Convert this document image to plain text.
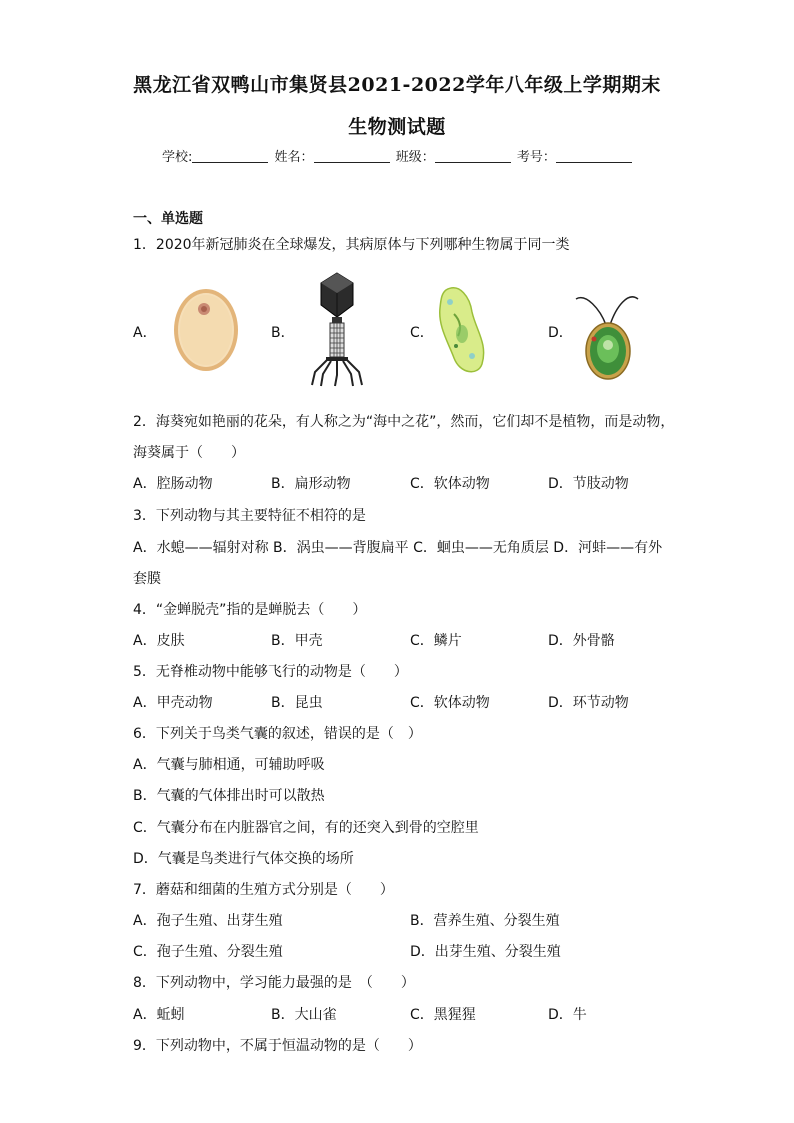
黑龙江省双鸭山市集贤县2021-2022学年八年级上学期期末
生物测试题
学校:	姓名：	班级：	考号：
一、单选题
1．2020年新冠肺炎在全球爆发，其病原体与下列哪种生物属于同一类
A．	B．	C．	D．
2．海葵宛如艳丽的花朵，有人称之为“海中之花”，然而，它们却不是植物，而是动物，
海葵属于（　　）
A．腔肠动物	B．扁形动物	C．软体动物	D．节肢动物
3．下列动物与其主要特征不相符的是
A．水螅——辐射对称 B．涡虫——背腹扁平 C．蛔虫——无角质层 D．河蚌——有外
套膜
4．“金蝉脱壳”指的是蝉脱去（　　）
A．皮肤	B．甲壳	C．鳞片	D．外骨骼
5．无脊椎动物中能够飞行的动物是（　　）
A．甲壳动物	B．昆虫	C．软体动物	D．环节动物
6．下列关于鸟类气囊的叙述，错误的是（　）
A．气囊与肺相通，可辅助呼吸
B．气囊的气体排出时可以散热
C．气囊分布在内脏器官之间，有的还突入到骨的空腔里
D．气囊是鸟类进行气体交换的场所
7．蘑菇和细菌的生殖方式分别是（　　）
A．孢子生殖、出芽生殖	B．营养生殖、分裂生殖
C．孢子生殖、分裂生殖	D．出芽生殖、分裂生殖
8．下列动物中，学习能力最强的是　（　　）
A．蚯蚓	B．大山雀	C．黑猩猩	D．牛
9．下列动物中，不属于恒温动物的是（　　）
